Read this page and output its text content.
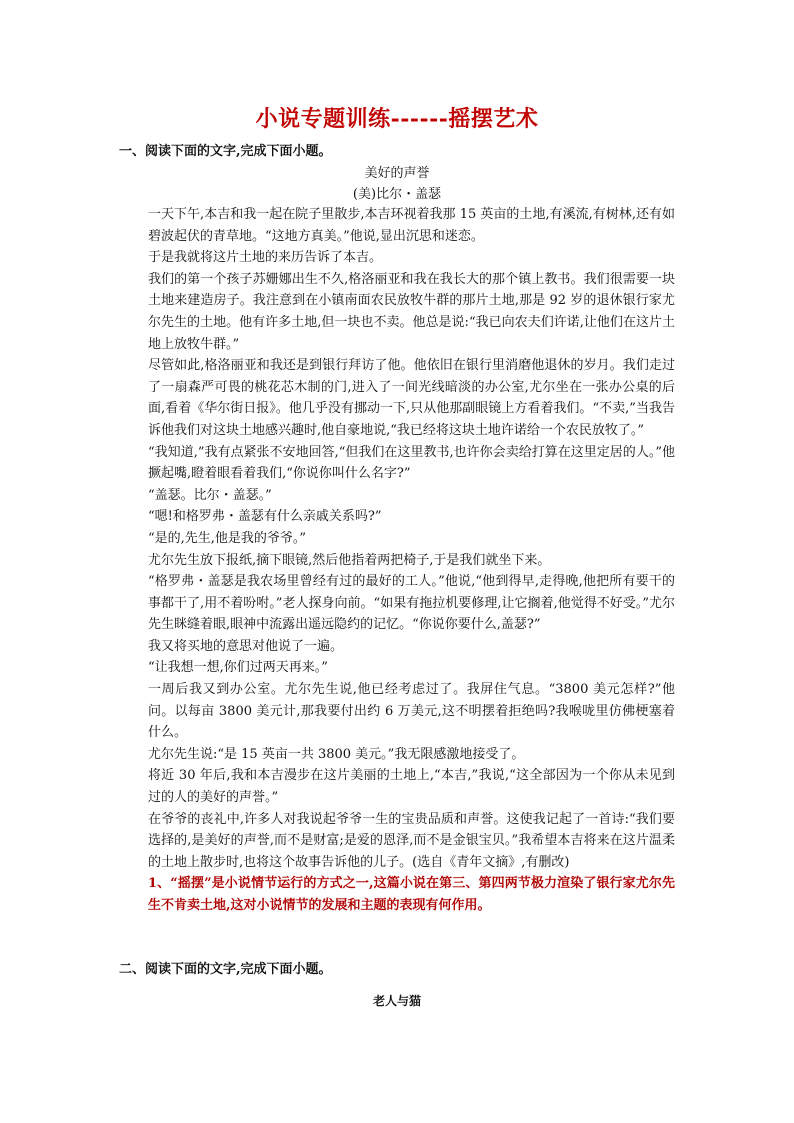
小说专题训练------摇摆艺术
一、阅读下面的文字,完成下面小题。
美好的声誉
(美)比尔・盖瑟

一天下午,本吉和我一起在院子里散步,本吉环视着我那 15 英亩的土地,有溪流,有树林,还有如碧波起伏的青草地。“这地方真美。”他说,显出沉思和迷恋。

于是我就将这片土地的来历告诉了本吉。

我们的第一个孩子苏姗娜出生不久,格洛丽亚和我在我长大的那个镇上教书。我们很需要一块土地来建造房子。我注意到在小镇南面农民放牧牛群的那片土地,那是 92 岁的退休银行家尤尔先生的土地。他有许多土地,但一块也不卖。他总是说:“我已向农夫们许诺,让他们在这片土地上放牧牛群。”

尽管如此,格洛丽亚和我还是到银行拜访了他。他依旧在银行里消磨他退休的岁月。我们走过了一扇森严可畏的桃花芯木制的门,进入了一间光线暗淡的办公室,尤尔坐在一张办公桌的后面,看着《华尔街日报》。他几乎没有挪动一下,只从他那副眼镜上方看着我们。“不卖,”当我告诉他我们对这块土地感兴趣时,他自豪地说,“我已经将这块土地许诺给一个农民放牧了。”

“我知道,”我有点紧张不安地回答,“但我们在这里教书,也许你会卖给打算在这里定居的人。”他撅起嘴,瞪着眼看着我们,“你说你叫什么名字?”

“盖瑟。比尔・盖瑟。”

“嗯!和格罗弗・盖瑟有什么亲戚关系吗?”

“是的,先生,他是我的爷爷。”

尤尔先生放下报纸,摘下眼镜,然后他指着两把椅子,于是我们就坐下来。

“格罗弗・盖瑟是我农场里曾经有过的最好的工人。”他说,“他到得早,走得晚,他把所有要干的事都干了,用不着吩咐。”老人探身向前。“如果有拖拉机要修理,让它搁着,他觉得不好受。”尤尔先生眯缝着眼,眼神中流露出遥远隐约的记忆。“你说你要什么,盖瑟?”

我又将买地的意思对他说了一遍。

“让我想一想,你们过两天再来。”

一周后我又到办公室。尤尔先生说,他已经考虑过了。我屏住气息。“3800 美元怎样?”他问。以每亩 3800 美元计,那我要付出约 6 万美元,这不明摆着拒绝吗?我喉咙里仿佛梗塞着什么。

尤尔先生说:“是 15 英亩一共 3800 美元。”我无限感激地接受了。

将近 30 年后,我和本吉漫步在这片美丽的土地上,“本吉,”我说,“这全部因为一个你从未见到过的人的美好的声誉。”

在爷爷的丧礼中,许多人对我说起爷爷一生的宝贵品质和声誉。这使我记起了一首诗:“我们要选择的,是美好的声誉,而不是财富;是爱的恩泽,而不是金银宝贝。”我希望本吉将来在这片温柔的土地上散步时,也将这个故事告诉他的儿子。(选自《青年文摘》,有删改)

1、“摇摆”是小说情节运行的方式之一,这篇小说在第三、第四两节极力渲染了银行家尤尔先生不肯卖土地,这对小说情节的发展和主题的表现有何作用。

二、阅读下面的文字,完成下面小题。
老人与猫
